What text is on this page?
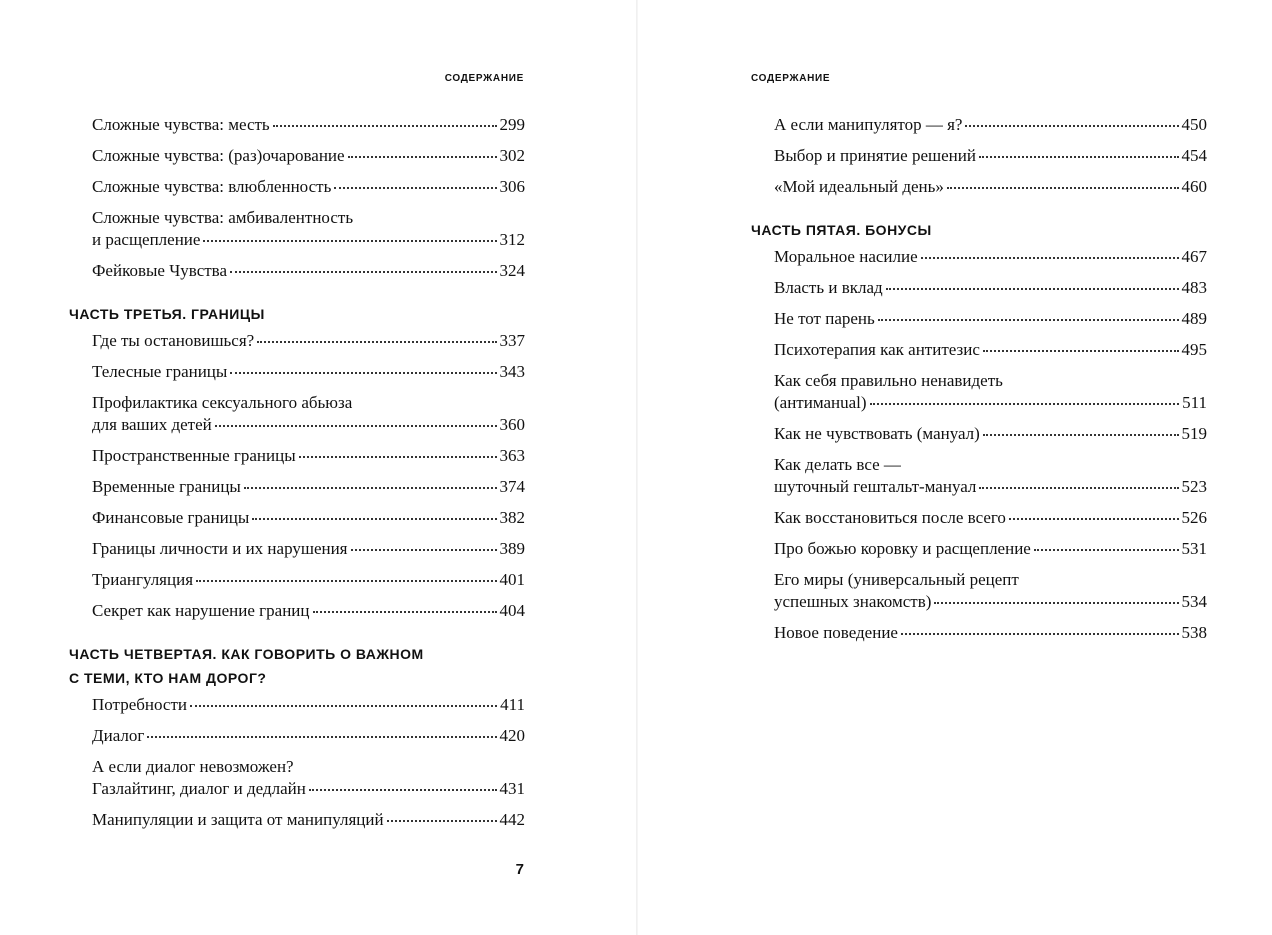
СОДЕРЖАНИЕ
Сложные чувства: месть	299
Сложные чувства: (раз)очарование	302
Сложные чувства: влюбленность	306
Сложные чувства: амбивалентность
и расщепление	312
Фейковые Чувства	324
ЧАСТЬ ТРЕТЬЯ. ГРАНИЦЫ
Где ты остановишься?	337
Телесные границы	343
Профилактика сексуального абьюза
для ваших детей	360
Пространственные границы	363
Временные границы	374
Финансовые границы	382
Границы личности и их нарушения	389
Триангуляция	401
Секрет как нарушение границ	404
ЧАСТЬ ЧЕТВЕРТАЯ. КАК ГОВОРИТЬ О ВАЖНОМ
С ТЕМИ, КТО НАМ ДОРОГ?
Потребности	411
Диалог	420
А если диалог невозможен?
Газлайтинг, диалог и дедлайн	431
Манипуляции и защита от манипуляций	442
7
СОДЕРЖАНИЕ
А если манипулятор — я?	450
Выбор и принятие решений	454
«Мой идеальный день»	460
ЧАСТЬ ПЯТАЯ. БОНУСЫ
Моральное насилие	467
Власть и вклад	483
Не тот парень	489
Психотерапия как антитезис	495
Как себя правильно ненавидеть
(антиманual)	511
Как не чувствовать (мануал)	519
Как делать все —
шуточный гештальт-мануал	523
Как восстановиться после всего	526
Про божью коровку и расщепление	531
Его миры (универсальный рецепт
успешных знакомств)	534
Новое поведение	538
